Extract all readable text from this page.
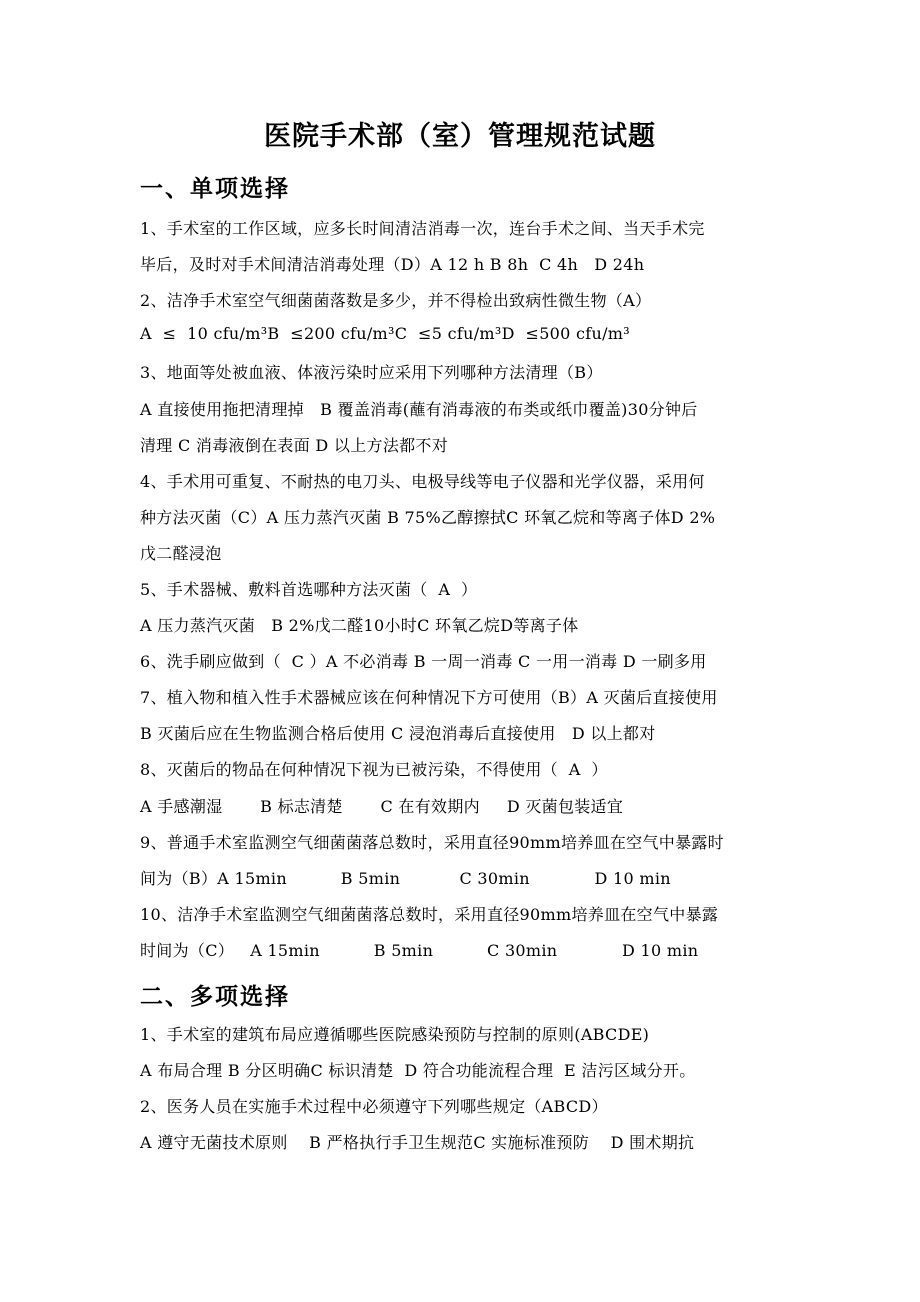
医院手术部（室）管理规范试题
一、单项选择
1、手术室的工作区域，应多长时间清洁消毒一次，连台手术之间、当天手术完
毕后，及时对手术间清洁消毒处理（D）A 12 h B 8h  C 4h   D 24h
2、洁净手术室空气细菌菌落数是多少，并不得检出致病性微生物（A）
A  ≤  10 cfu/m³B  ≤200 cfu/m³C  ≤5 cfu/m³D  ≤500 cfu/m³
3、地面等处被血液、体液污染时应采用下列哪种方法清理（B）
A 直接使用拖把清理掉   B 覆盖消毒(蘸有消毒液的布类或纸巾覆盖)30分钟后
清理 C 消毒液倒在表面 D 以上方法都不对
4、手术用可重复、不耐热的电刀头、电极导线等电子仪器和光学仪器，采用何
种方法灭菌（C）A 压力蒸汽灭菌 B 75%乙醇擦拭C 环氧乙烷和等离子体D 2%
戊二醛浸泡
5、手术器械、敷料首选哪种方法灭菌（  A  ）
A 压力蒸汽灭菌   B 2%戊二醛10小时C 环氧乙烷D等离子体
6、洗手刷应做到（  C ）A 不必消毒 B 一周一消毒 C 一用一消毒 D 一刷多用
7、植入物和植入性手术器械应该在何种情况下方可使用（B）A 灭菌后直接使用
B 灭菌后应在生物监测合格后使用 C 浸泡消毒后直接使用   D 以上都对
8、灭菌后的物品在何种情况下视为已被污染，不得使用（  A  ）
A 手感潮湿       B 标志清楚       C 在有效期内     D 灭菌包装适宜
9、普通手术室监测空气细菌菌落总数时，采用直径90mm培养皿在空气中暴露时
间为（B）A 15min          B 5min           C 30min            D 10 min
10、洁净手术室监测空气细菌菌落总数时，采用直径90mm培养皿在空气中暴露
时间为（C）   A 15min          B 5min          C 30min            D 10 min
二、多项选择
1、手术室的建筑布局应遵循哪些医院感染预防与控制的原则(ABCDE)
A 布局合理 B 分区明确C 标识清楚  D 符合功能流程合理  E 洁污区域分开。
2、医务人员在实施手术过程中必须遵守下列哪些规定（ABCD）
A 遵守无菌技术原则    B 严格执行手卫生规范C 实施标准预防    D 围术期抗
